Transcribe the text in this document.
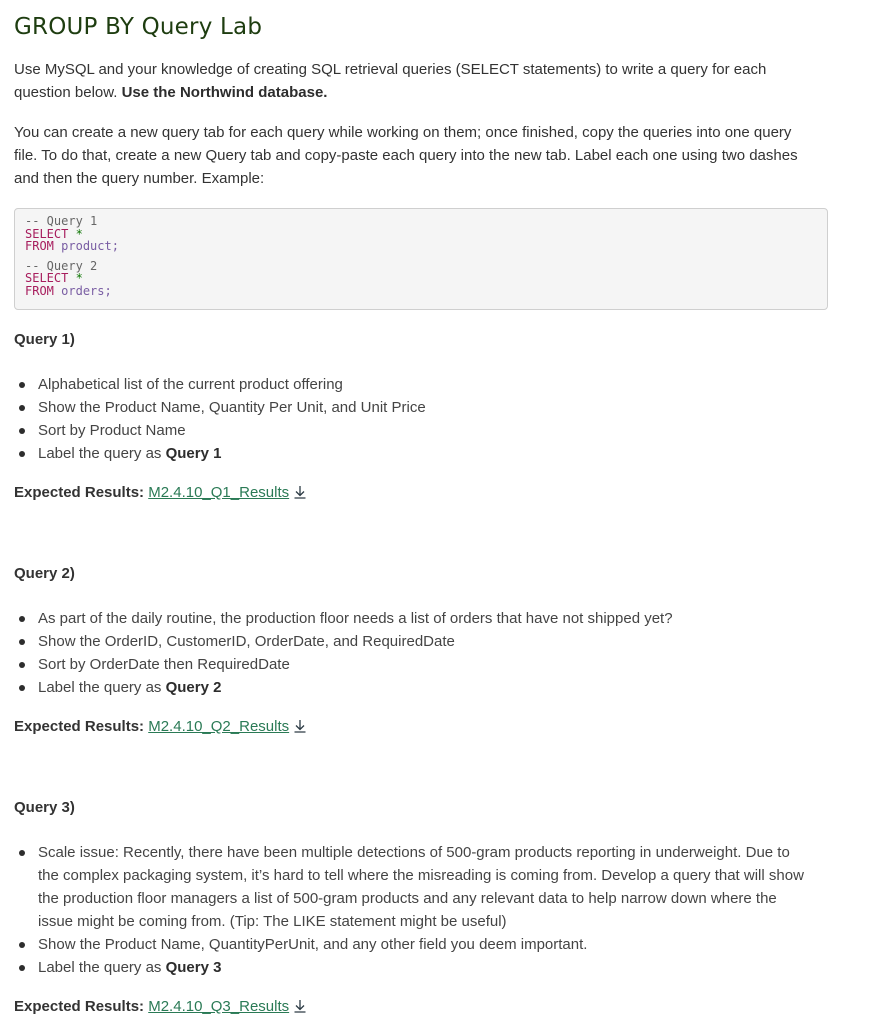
GROUP BY Query Lab

Use MySQL and your knowledge of creating SQL retrieval queries (SELECT statements) to write a query for each question below. Use the Northwind database.

You can create a new query tab for each query while working on them; once finished, copy the queries into one query file. To do that, create a new Query tab and copy-paste each query into the new tab. Label each one using two dashes and then the query number. Example:

-- Query 1
SELECT *
FROM product;
-- Query 2
SELECT *
FROM orders;
Query 1)
Alphabetical list of the current product offering
Show the Product Name, Quantity Per Unit, and Unit Price
Sort by Product Name
Label the query as Query 1
Expected Results: M2.4.10_Q1_Results
Query 2)
As part of the daily routine, the production floor needs a list of orders that have not shipped yet?
Show the OrderID, CustomerID, OrderDate, and RequiredDate
Sort by OrderDate then RequiredDate
Label the query as Query 2
Expected Results: M2.4.10_Q2_Results
Query 3)
Scale issue: Recently, there have been multiple detections of 500-gram products reporting in underweight. Due to the complex packaging system, it’s hard to tell where the misreading is coming from. Develop a query that will show the production floor managers a list of 500-gram products and any relevant data to help narrow down where the issue might be coming from. (Tip: The LIKE statement might be useful)
Show the Product Name, QuantityPerUnit, and any other field you deem important.
Label the query as Query 3
Expected Results: M2.4.10_Q3_Results
